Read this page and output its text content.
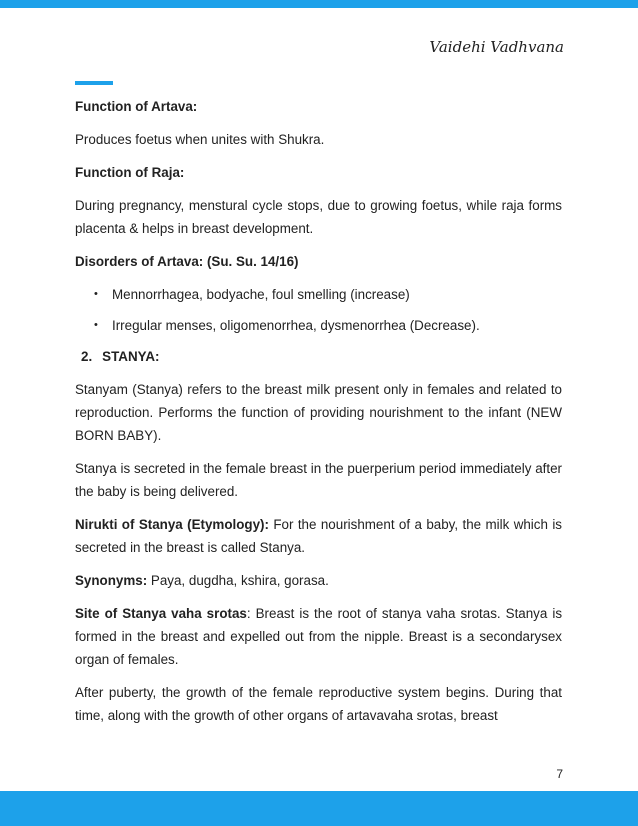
Vaidehi Vadhvana

Function of Artava:

Produces foetus when unites with Shukra.

Function of Raja:

During pregnancy, menstural cycle stops, due to growing foetus, while raja forms placenta & helps in breast development.

Disorders of Artava: (Su. Su. 14/16)

• Mennorrhagea, bodyache, foul smelling (increase)
• Irregular menses, oligomenorrhea, dysmenorrhea (Decrease).
2. STANYA:

Stanyam (Stanya) refers to the breast milk present only in females and related to reproduction. Performs the function of providing nourishment to the infant (NEW BORN BABY).

Stanya is secreted in the female breast in the puerperium period immediately after the baby is being delivered.

Nirukti of Stanya (Etymology): For the nourishment of a baby, the milk which is secreted in the breast is called Stanya.

Synonyms: Paya, dugdha, kshira, gorasa.

Site of Stanya vaha srotas: Breast is the root of stanya vaha srotas. Stanya is formed in the breast and expelled out from the nipple. Breast is a secondarysex organ of females.

After puberty, the growth of the female reproductive system begins. During that time, along with the growth of other organs of artavavaha srotas, breast

7
